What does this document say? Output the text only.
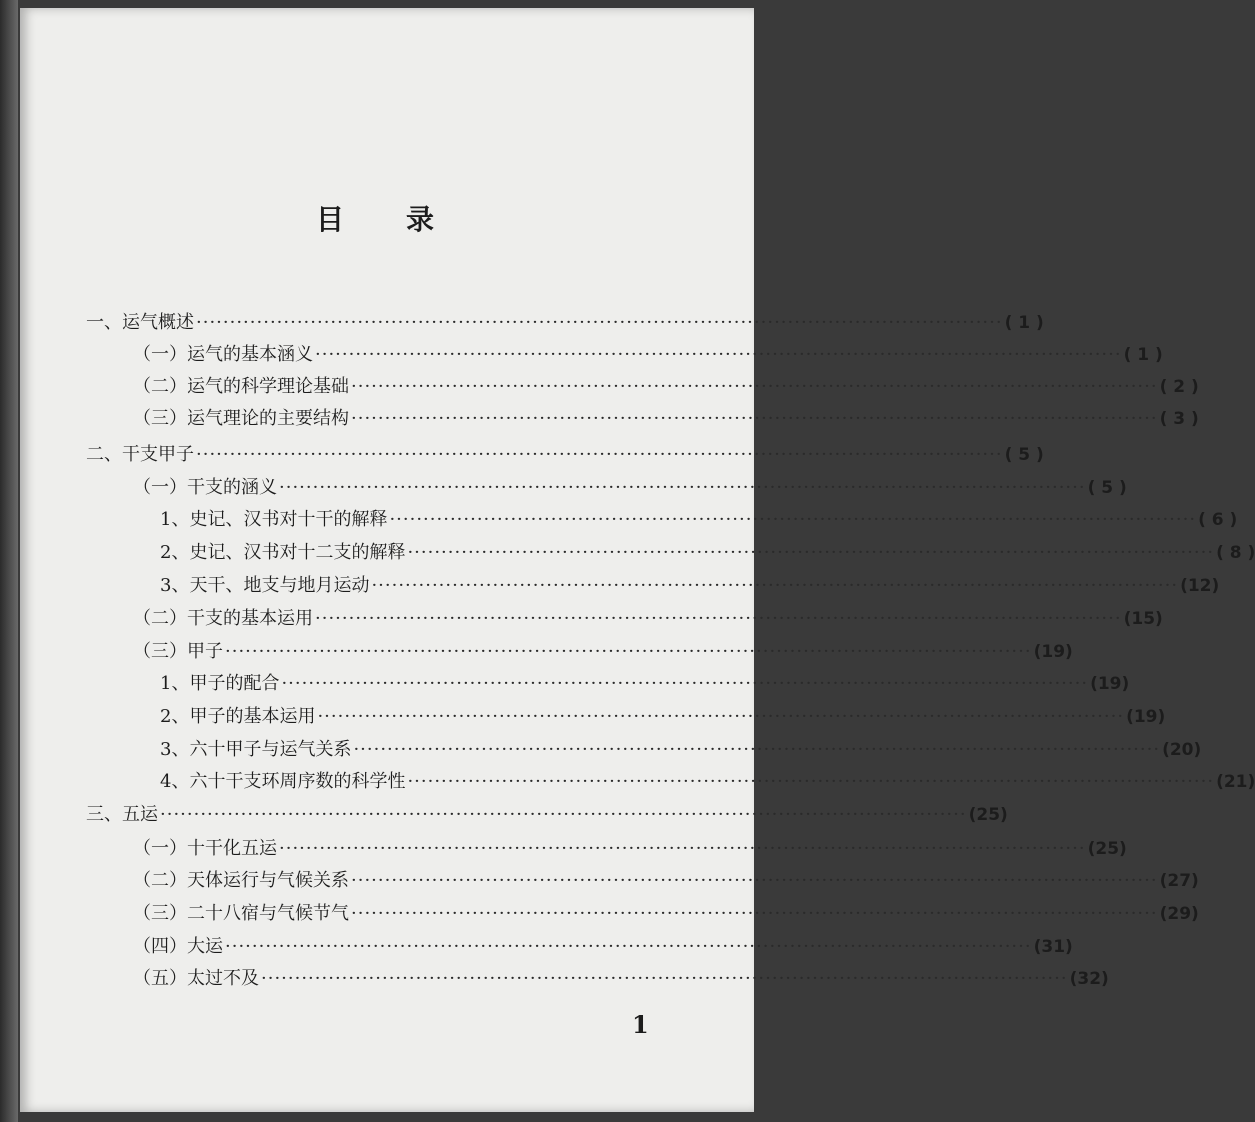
一、运气概述 ························································································································ ( 1 )
（一）运气的基本涵义 ························································································································ ( 1 )
（二）运气的科学理论基础 ························································································································ ( 2 )
（三）运气理论的主要结构 ························································································································ ( 3 )
二、干支甲子 ························································································································ ( 5 )
（一）干支的涵义 ························································································································ ( 5 )
1、史记、汉书对十干的解释 ························································································································ ( 6 )
2、史记、汉书对十二支的解释 ························································································································ ( 8 )
3、天干、地支与地月运动 ························································································································ (12)
（二）干支的基本运用 ························································································································ (15)
（三）甲子 ························································································································ (19)
1、甲子的配合 ························································································································ (19)
2、甲子的基本运用 ························································································································ (19)
3、六十甲子与运气关系 ························································································································ (20)
4、六十干支环周序数的科学性 ························································································································ (21)
三、五运 ························································································································ (25)
（一）十干化五运 ························································································································ (25)
（二）天体运行与气候关系 ························································································································ (27)
（三）二十八宿与气候节气 ························································································································ (29)
（四）大运 ························································································································ (31)
（五）太过不及 ························································································································ (32)
1
目 录
